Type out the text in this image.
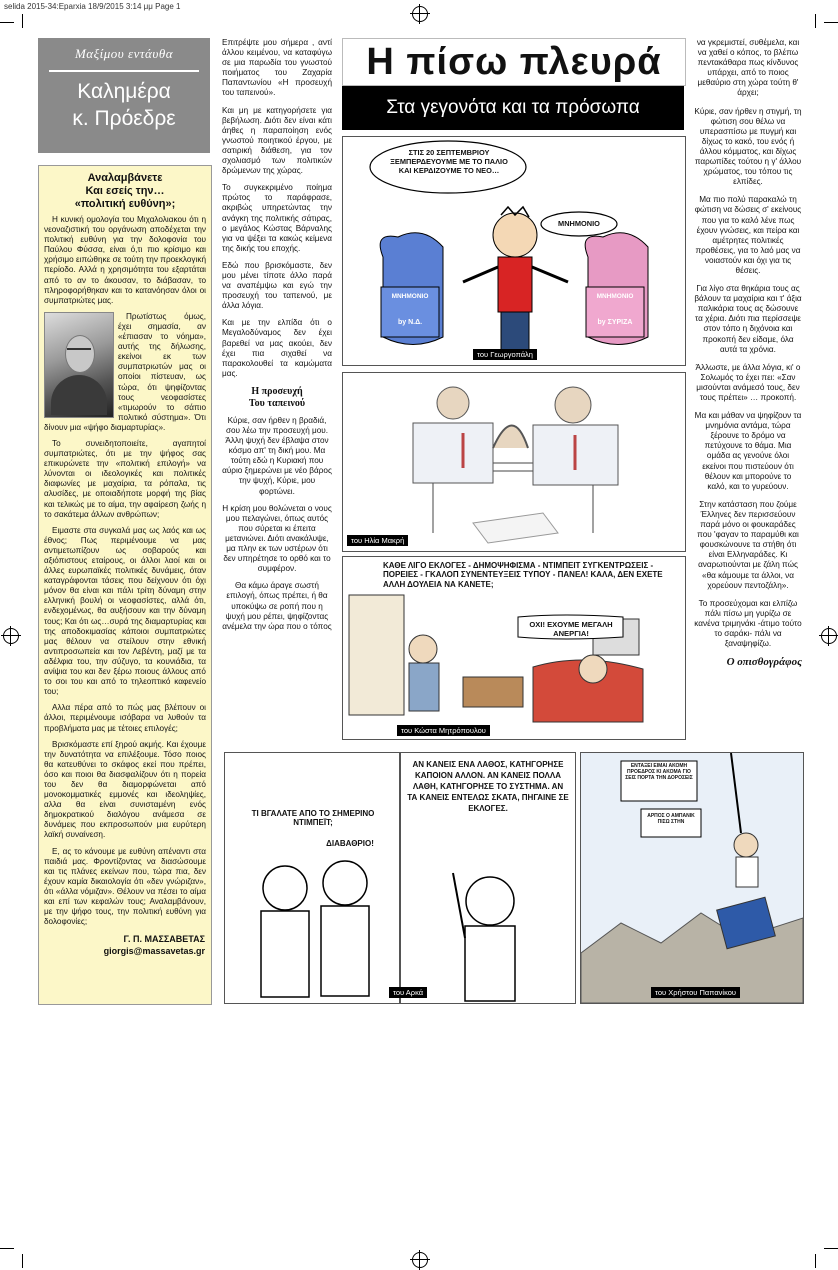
selida 2015-34:Eparxia 18/9/2015 3:14 μμ Page 1
Μαξίμου εντάυθα
Καλημέρα
κ. Πρόεδρε
Αναλαμβάνετε
Και εσείς την…
«πολιτική ευθύνη»;
Η κυνική ομολογία του Μιχαλολιακου ότι η νεοναζιστική του οργάνωση αποδέχεται την πολιτική ευθύνη για την δολοφονία του Παύλου Φύσσα, είναι ό,τι πιο κρίσιμο και χρήσιμο ειπώθηκε σε τούτη την προεκλογική περίοδο. Αλλά η χρησιμότητα του εξαρτάται από το αν το άκουσαν, το διάβασαν, το πληροφορήθηκαν και το κατανόησαν όλοι οι συμπατριώτες μας.
Πρωτίστως όμως, έχει σημασία, αν «έπιασαν το νόημα», αυτής της δήλωσης, εκείνοι εκ των συμπατριωτών μας οι οποίοι πίστευαν, ως τώρα, ότι ψηφίζοντας τους νεοφασίστες «τιμωρούν το σάπιο πολιτικό σύστημα». Ότι δίνουν μια «ψήφο διαμαρτυρίας».
Το συνειδητοποιείτε, αγαπητοί συμπατριώτες, ότι με την ψήφος σας επικυρώνετε την «πολιτική επιλογή» να λύνονται οι ιδεολογικές και πολιτικές διαφωνίες με μαχαίρια, τα ρόπαλα, τις αλυσίδες, με οποιαδήποτε μορφή της βίας και τελικώς με το αίμα, την αφαίρεση ζωής η το σακάτεμα άλλων ανθρώπων;
Ειμαστε στα συγκαλά μας ως λαός και ως έθνος; Πως περιμένουμε να μας αντιμετωπίζουν ως σοβαρούς και αξιόπιστους εταίρους, οι άλλοι λαοί και οι άλλες ευρωπαϊκές πολιτικές δυνάμεις, όταν καταγράφονται τάσεις που δείχνουν ότι όχι μόνον θα είναι και πάλι τρίτη δύναμη στην ελληνική βουλή οι νεοφασίστες, αλλά ότι, ενδεχομένως, θα αυξήσουν και την δύναμη τους; Και ότι ως…συρά της διαμαρτυρίας και της αποδοκιμασίας κάποιοι συμπατριώτες μας θέλουν να στείλουν στην εθνική αντιπροσωπεία και τον Λεβέντη, μαζί με τα αδέλφια του, την σύζυγο, τα κουνιάδια, τα ανίψια του και δεν ξέρω ποιους άλλους από το σοι του και από το τηλεοπτικό καφενείο του;
Αλλα πέρα από το πώς μας βλέπουν οι άλλοι, περιμένουμε ισόβαρα να λυθούν τα προβλήματα μας με τέτοιες επιλογές;
Βρισκόμαστε επί ξηρού ακμής. Και έχουμε την δυνατότητα να επιλέξουμε. Τόσο ποιος θα κατευθύνει το σκάφος εκεί που πρέπει, όσο και ποιοι θα διασφαλίζουν ότι η πορεία του δεν θα διαμορφώνεται από μονοκομματικές εμμονές και ιδεοληψίες, αλλα θα είναι συνισταμένη ενός δημοκρατικού διαλόγου ανάμεσα σε δυνάμεις που εκπροσωπούν μια ευρύτερη λαϊκή συναίνεση.
Ε, ας το κάνουμε με ευθύνη απέναντι στα παιδιά μας. Φροντίζοντας να διασώσουμε και τις πλάνες εκείνων που, τώρα πια, δεν έχουν καμία δικαιολογία ότι «δεν γνώριζαν», ότι «άλλα νόμιζαν». Θέλουν να πέσει το αίμα και επί των κεφαλών τους; Αναλαμβάνουν, με την ψήφο τους, την πολιτική ευθύνη για δολοφονίες;
Γ. Π. ΜΑΣΣΑΒΕΤΑΣ
giorgis@massavetas.gr
Επιτρέψτε μου σήμερα , αντί άλλου κειμένου, να καταφύγω σε μια παρωδία του γνωστού ποιήματος του Ζαχαρία Παπαντωνίου «Η προσευχή του ταπεινού».
Και μη με κατηγορήσετε για βεβήλωση. Διότι δεν είναι κάτι άηθες η παραποίηση ενός γνωστού ποιητικού έργου, με σατιρική διάθεση, για τον σχολιασμό των πολιτικών δρώμενων της χώρας.
Το συγκεκριμένο ποίημα πρώτος το παράφρασε, ακριβώς υπηρετώντας την ανάγκη της πολιτικής σάτιρας, ο μεγάλος Κώστας Βάρναλης για να ψέξει τα κακώς κείμενα της δικής του εποχής.
Εδώ που βρισκόμαστε, δεν μου μένει τίποτε άλλο παρά να αναπέμψω και εγώ την προσευχή του ταπεινού, με άλλα λόγια.
Και με την ελπίδα ότι ο Μεγαλοδύναμος δεν έχει βαρεθεί να μας ακούει, δεν έχει πια σιχαθεί να παρακολουθεί τα καμώματα μας.
Η προσευχή
Του ταπεινού
Κύριε, σαν ήρθεν η βραδιά, σου λέω την προσευχή μου. Άλλη ψυχή δεν έβλαψα στον κόσμο απ' τη δική μου. Μα τούτη εδώ η Κυριακή που αύριο ξημερώνει με νέο βάρος την ψυχή, Κύριε, μου φορτώνει.
Η κρίση μου θολώνεται ο νους μου πελαγώνει, όπως αυτός που σύρεται κι έπειτα μετανιώνει. Διότι ανακάλυψε, μα πλην εκ των υστέρων ότι δεν υπηρέτησε το ορθό και το συμφέρον.
Θα κάμω άραγε σωστή επιλογή, όπως πρέπει, ή θα υποκύψω σε ροπή που η ψυχή μου ρέπει, ψηφίζοντας ανέμελα την ώρα που ο τόπος
Η πίσω πλευρά
Στα γεγονότα και τα πρόσωπα
ΣΤΙΣ 20 ΣΕΠΤΕΜΒΡΙΟΥ ΞΕΜΠΕΡΔΕΥΟΥΜΕ ΜΕ ΤΟ ΠΑΛΙΟ ΚΑΙ ΚΕΡΔΙΖΟΥΜΕ ΤΟ ΝΕΟ…
ΜΝΗΜΟΝΙΟ
ΜΝΗΜΟΝΙΟ
by Ν.Δ.
ΜΝΗΜΟΝΙΟ
by ΣΥΡΙΖΑ
του Γεωργοπάλη
του Ηλία Μακρή
ΚΑΘΕ ΛΙΓΟ ΕΚΛΟΓΕΣ - ΔΗΜΟΨΗΦΙΣΜΑ - ΝΤΙΜΠΕΙΤ ΣΥΓΚΕΝΤΡΩΣΕΙΣ - ΠΟΡΕΙΕΣ - ΓΚΑΛΟΠ ΣΥΝΕΝΤΕΥΞΕΙΣ ΤΥΠΟΥ - ΠΑΝΕΛ! ΚΑΛΑ, ΔΕΝ ΕΧΕΤΕ ΑΛΛΗ ΔΟΥΛΕΙΑ ΝΑ ΚΑΝΕΤΕ;
ΟΧΙ! ΕΧΟΥΜΕ ΜΕΓΑΛΗ ΑΝΕΡΓΙΑ!
του Κώστα Μητρόπουλου
να γκρεμιστεί, συθέμελα, και να χαθεί ο κόπος, το βλέπω πεντακάθαρα πως κίνδυνος υπάρχει, από το ποιος μεθαύριο στη χώρα τούτη θ' άρχει;
Κύριε, σαν ήρθεν η στιγμή, τη φώτιση σου θέλω να υπερασπίσω με πυγμή και δίχως το κακό, του ενός ή άλλου κόμματος, και δίχως παρωπίδες τούτου η γ' άλλου χρώματος, του τόπου τις ελπίδες.
Μα πιο πολύ παρακαλώ τη φώτιση να δώσεις σ' εκείνους που για το καλό λένε πως έχουν γνώσεις, και πείρα και αμέτρητες πολιτικές προθέσεις, για το λαό μας να νοιαστούν και όχι για τις θέσεις.
Για λίγο στα θηκάρια τους ας βάλουν τα μαχαίρια και τ' άξια παλικάρια τους ας δώσουνε τα χέρια. Διότι πια περίσσεψε στον τόπο η διχόνοια και προκοπή δεν είδαμε, όλα αυτά τα χρόνια.
Άλλωστε, με άλλα λόγια, κι' ο Σολωμός το έχει πει: «Σαν μισούνται ανάμεσό τους, δεν τους πρέπει» … προκοπή.
Μα και μάθαν να ψηφίζουν τα μνημόνια αντάμα, τώρα ξέρουνε το δρόμο να πετύχουνε το θάμα. Μια ομάδα ας γενούνε όλοι εκείνοι που πιστεύουν ότι θέλουν και μπορούνε το καλό, και το γυρεύουν.
Στην κατάσταση που ζούμε Έλληνες δεν περισσεύουν παρά μόνο οι φουκαράδες που 'φαγαν το παραμύθι και φουσκώνουνε τα στήθη ότι είναι Ελληναράδες. Κι αναρωτιούνται με ζάλη πώς «θα κάμουμε τα άλλοι, να χορεύουν πεντοζάλη».
Το προσεύχομαι και ελπίζω πάλι πίσω μη γυρίζω σε κανένα τριμηνάκι -άτιμο τούτο το σαράκι- πάλι να ξαναψηφίζω.
Ο οπισθογράφος
ΤΙ ΒΓΑΛΑΤΕ ΑΠΟ ΤΟ ΣΗΜΕΡΙΝΟ ΝΤΙΜΠΕΪΤ;
ΔΙΑΒΑΘΡΙΟ!
ΑΝ ΚΑΝΕΙΣ ΕΝΑ ΛΑΘΟΣ, ΚΑΤΗΓΟΡΗΣΕ ΚΑΠΟΙΟΝ ΑΛΛΟΝ. ΑΝ ΚΑΝΕΙΣ ΠΟΛΛΑ ΛΑΘΗ, ΚΑΤΗΓΟΡΗΣΕ ΤΟ ΣΥΣΤΗΜΑ. ΑΝ ΤΑ ΚΑΝΕΙΣ ΕΝΤΕΛΩΣ ΣΚΑΤΑ, ΠΗΓΑΙΝΕ ΣΕ ΕΚΛΟΓΕΣ.
του Αρκά
ΕΝΤΑΞΕΙ ΕΙΜΑΙ ΑΚΟΜΗ ΠΡΟΕΔΡΟΣ ΚΙ ΑΚΟΜΑ ΓΙΟ ΣΕΙΣ ΠΟΡΤΑ ΤΗΝ ΔΟΡΟΣΕΙΣ
ΑΡΠΟΣ Ο ΑΜΠΑΝΙΚ ΠΙΣΩ ΣΤΗΝ
του Χρήστου Παπανίκου
